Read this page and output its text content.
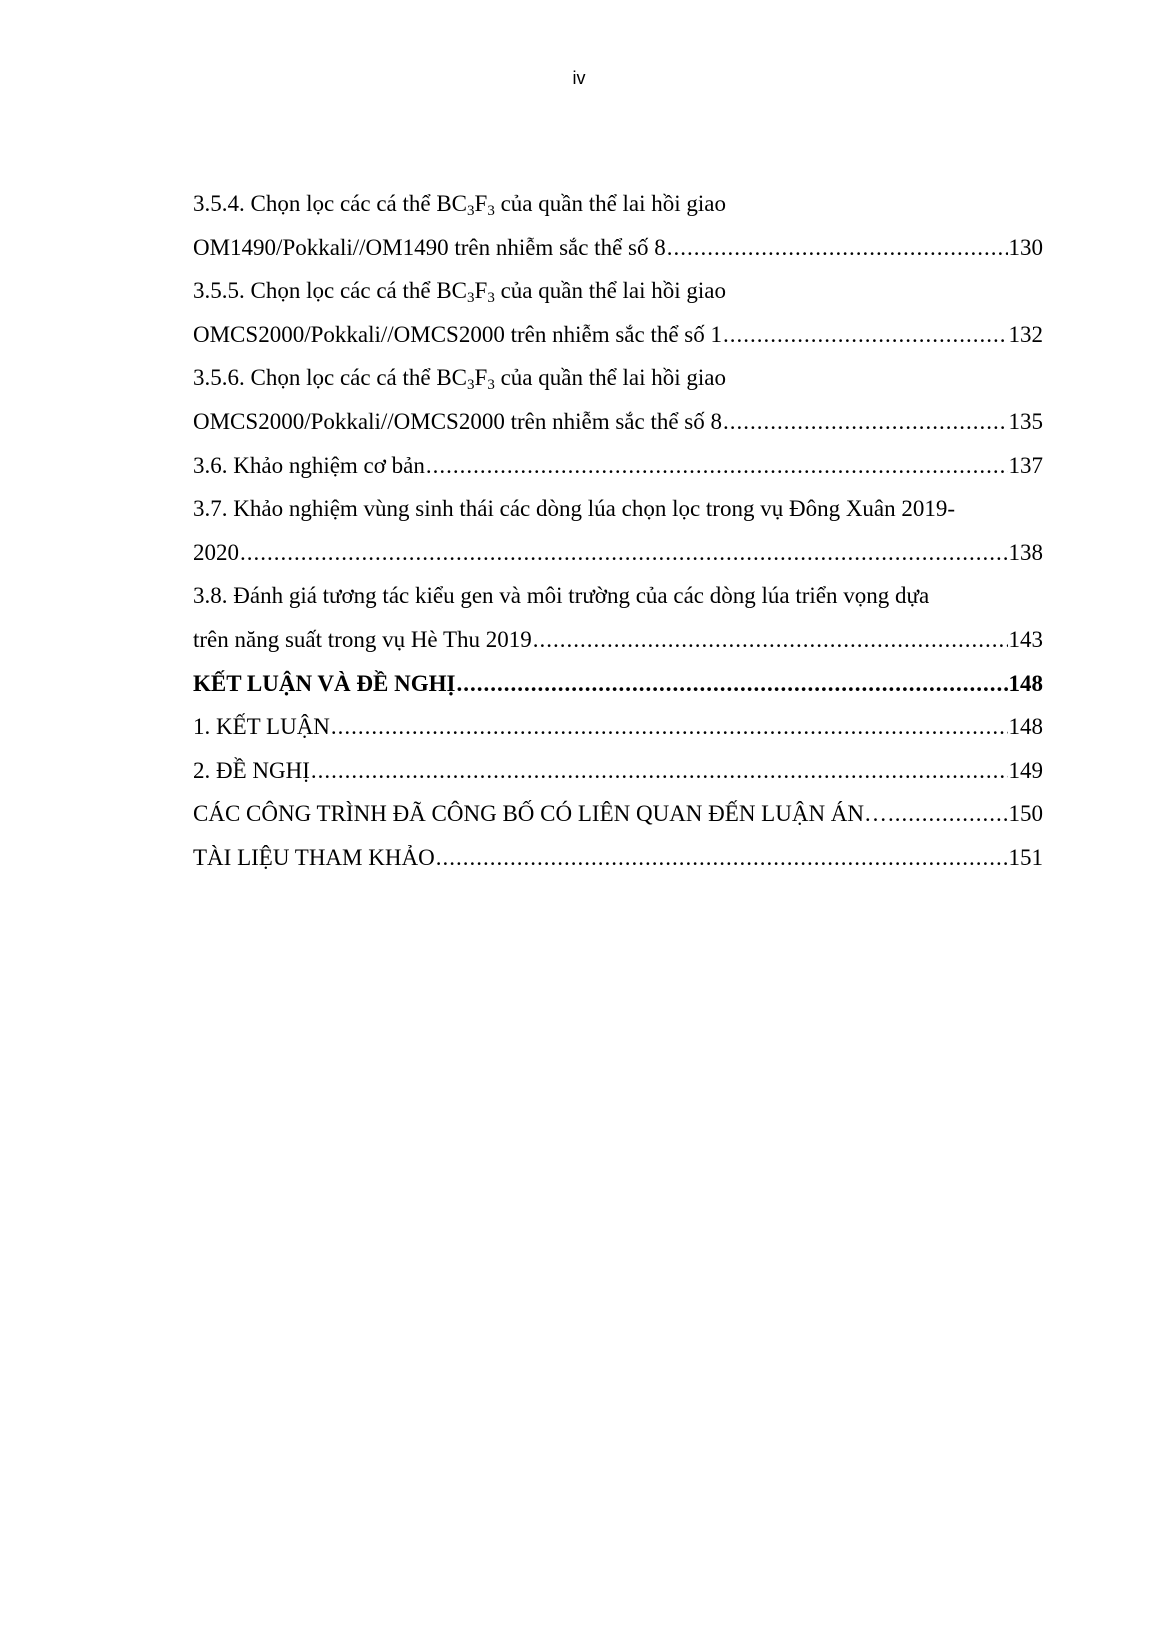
iv
3.5.4. Chọn lọc các cá thể $BC_3F_3$ của quần thể lai hồi giao
OM1490/Pokkali//OM1490 trên nhiễm sắc thể số 8 .....	130
3.5.5. Chọn lọc các cá thể $BC_3F_3$ của quần thể lai hồi giao
OMCS2000/Pokkali//OMCS2000 trên nhiễm sắc thể số 1 .....	132
3.5.6. Chọn lọc các cá thể $BC_3F_3$ của quần thể lai hồi giao
OMCS2000/Pokkali//OMCS2000 trên nhiễm sắc thể số 8 .....	135
3.6. Khảo nghiệm cơ bản .....	137
3.7. Khảo nghiệm vùng sinh thái các dòng lúa chọn lọc trong vụ Đông Xuân 2019-
2020 .....	138
3.8. Đánh giá tương tác kiểu gen và môi trường của các dòng lúa triển vọng dựa
trên năng suất trong vụ Hè Thu 2019 .....	143
KẾT LUẬN VÀ ĐỀ NGHỊ .....	148
1. KẾT LUẬN .....	148
2. ĐỀ NGHỊ .....	149
CÁC CÔNG TRÌNH ĐÃ CÔNG BỐ CÓ LIÊN QUAN ĐẾN LUẬN ÁN… .....	150
TÀI LIỆU THAM KHẢO .....	151
